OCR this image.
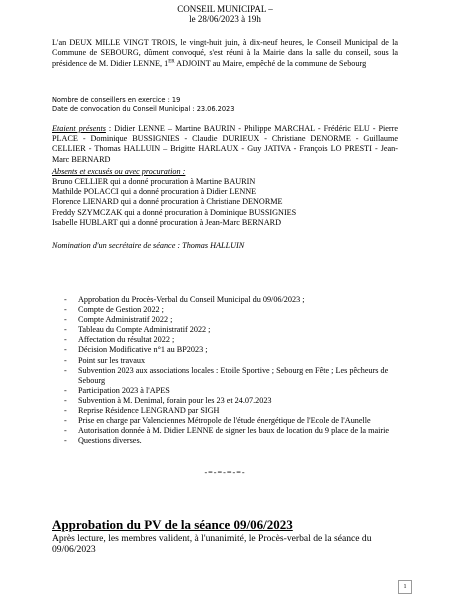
CONSEIL MUNICIPAL –
le 28/06/2023 à 19h
L'an DEUX MILLE VINGT TROIS, le vingt-huit juin, à dix-neuf heures, le Conseil Municipal de la Commune de SEBOURG, dûment convoqué, s'est réuni à la Mairie dans la salle du conseil, sous la présidence de M. Didier LENNE, 1ER ADJOINT au Maire, empêché de la commune de Sebourg
Nombre de conseillers en exercice : 19
Date de convocation du Conseil Municipal : 23.06.2023
Etaient présents : Didier LENNE – Martine BAURIN - Philippe MARCHAL - Frédéric ELU - Pierre PLACE - Dominique BUSSIGNIES - Claudie DURIEUX - Christiane DENORME - Guillaume CELLIER - Thomas HALLUIN – Brigitte HARLAUX - Guy JATIVA - François LO PRESTI - Jean-Marc BERNARD
Absents et excusés ou avec procuration :
Bruno CELLIER qui a donné procuration à Martine BAURIN
Mathilde POLACCI qui a donné procuration à Didier LENNE
Florence LIENARD qui a donné procuration à Christiane DENORME
Freddy SZYMCZAK qui a donné procuration à Dominique BUSSIGNIES
Isabelle HUBLART qui a donné procuration à Jean-Marc BERNARD
Nomination d'un secrétaire de séance : Thomas HALLUIN
- Approbation du Procès-Verbal du Conseil Municipal du 09/06/2023 ;
- Compte de Gestion 2022 ;
- Compte Administratif 2022 ;
- Tableau du Compte Administratif 2022 ;
- Affectation du résultat 2022 ;
- Décision Modificative n°1 au BP2023 ;
- Point sur les travaux
- Subvention 2023 aux associations locales : Etoile Sportive ; Sebourg en Fête ; Les pêcheurs de Sebourg
- Participation 2023 à l'APES
- Subvention à M. Denimal, forain pour les 23 et 24.07.2023
- Reprise Résidence LENGRAND par SIGH
- Prise en charge par Valenciennes Métropole de l'étude énergétique de l'Ecole de l'Aunelle
- Autorisation donnée à M. Didier LENNE de signer les baux de location du 9 place de la mairie
- Questions diverses.
-=-=-=-=-
Approbation du PV de la séance 09/06/2023
Après lecture, les membres valident, à l'unanimité, le Procès-verbal de la séance du 09/06/2023
1
